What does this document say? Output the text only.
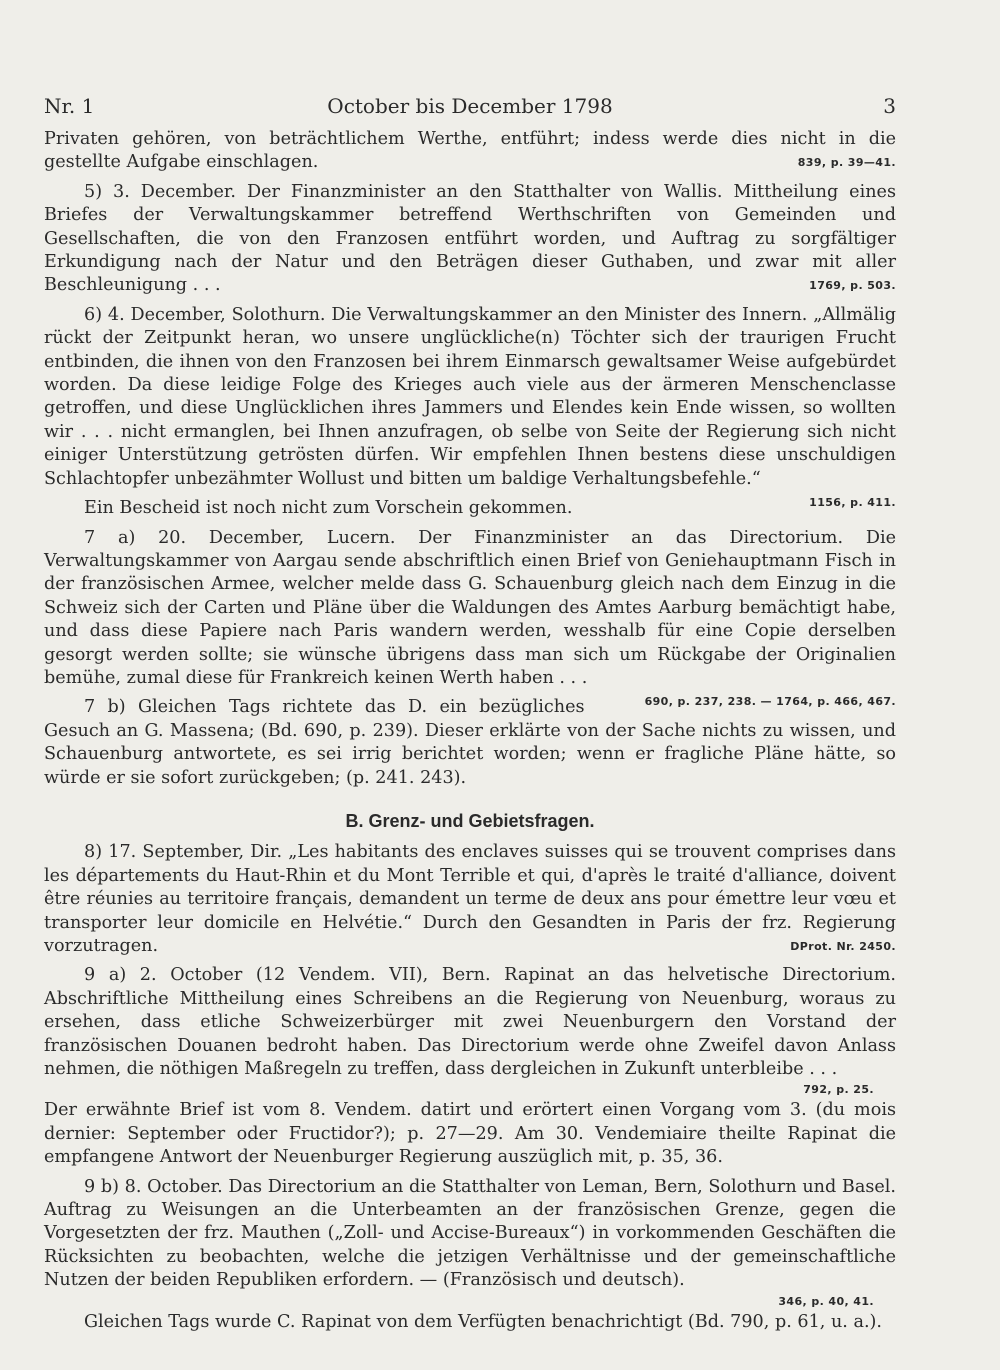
Nr. 1	October bis December 1798	3

Privaten gehören, von beträchtlichem Werthe, entführt; indess werde dies nicht in die gestellte Aufgabe einschlagen.	839, p. 39—41.

5) 3. December. Der Finanzminister an den Statthalter von Wallis. Mittheilung eines Briefes der Verwaltungskammer betreffend Werthschriften von Gemeinden und Gesellschaften, die von den Franzosen entführt worden, und Auftrag zu sorgfältiger Erkundigung nach der Natur und den Beträgen dieser Guthaben, und zwar mit aller Beschleunigung . . .	1769, p. 503.

6) 4. December, Solothurn. Die Verwaltungskammer an den Minister des Innern. „Allmälig rückt der Zeitpunkt heran, wo unsere unglückliche(n) Töchter sich der traurigen Frucht entbinden, die ihnen von den Franzosen bei ihrem Einmarsch gewaltsamer Weise aufgebürdet worden. Da diese leidige Folge des Krieges auch viele aus der ärmeren Menschenclasse getroffen, und diese Unglücklichen ihres Jammers und Elendes kein Ende wissen, so wollten wir . . . nicht ermanglen, bei Ihnen anzufragen, ob selbe von Seite der Regierung sich nicht einiger Unterstützung getrösten dürfen. Wir empfehlen Ihnen bestens diese unschuldigen Schlachtopfer unbezähmter Wollust und bitten um baldige Verhaltungsbefehle.“
1156, p. 411.

Ein Bescheid ist noch nicht zum Vorschein gekommen.

7 a) 20. December, Lucern. Der Finanzminister an das Directorium. Die Verwaltungskammer von Aargau sende abschriftlich einen Brief von Geniehauptmann Fisch in der französischen Armee, welcher melde dass G. Schauenburg gleich nach dem Einzug in die Schweiz sich der Carten und Pläne über die Waldungen des Amtes Aarburg bemächtigt habe, und dass diese Papiere nach Paris wandern werden, wesshalb für eine Copie derselben gesorgt werden sollte; sie wünsche übrigens dass man sich um Rückgabe der Originalien bemühe, zumal diese für Frankreich keinen Werth haben . . .
690, p. 237, 238. — 1764, p. 466, 467.

7 b) Gleichen Tags richtete das D. ein bezügliches Gesuch an G. Massena; (Bd. 690, p. 239). Dieser erklärte von der Sache nichts zu wissen, und Schauenburg antwortete, es sei irrig berichtet worden; wenn er fragliche Pläne hätte, so würde er sie sofort zurückgeben; (p. 241. 243).

B. Grenz- und Gebietsfragen.

8) 17. September, Dir. „Les habitants des enclaves suisses qui se trouvent comprises dans les départements du Haut-Rhin et du Mont Terrible et qui, d'après le traité d'alliance, doivent être réunies au territoire français, demandent un terme de deux ans pour émettre leur vœu et transporter leur domicile en Helvétie.“ Durch den Gesandten in Paris der frz. Regierung vorzutragen.	DProt. Nr. 2450.

9 a) 2. October (12 Vendem. VII), Bern. Rapinat an das helvetische Directorium. Abschriftliche Mittheilung eines Schreibens an die Regierung von Neuenburg, woraus zu ersehen, dass etliche Schweizerbürger mit zwei Neuenburgern den Vorstand der französischen Douanen bedroht haben. Das Directorium werde ohne Zweifel davon Anlass nehmen, die nöthigen Maßregeln zu treffen, dass dergleichen in Zukunft unterbleibe . . .

792, p. 25.

Der erwähnte Brief ist vom 8. Vendem. datirt und erörtert einen Vorgang vom 3. (du mois dernier: September oder Fructidor?); p. 27—29. Am 30. Vendemiaire theilte Rapinat die empfangene Antwort der Neuenburger Regierung auszüglich mit, p. 35, 36.

9 b) 8. October. Das Directorium an die Statthalter von Leman, Bern, Solothurn und Basel. Auftrag zu Weisungen an die Unterbeamten an der französischen Grenze, gegen die Vorgesetzten der frz. Mauthen („Zoll- und Accise-Bureaux“) in vorkommenden Geschäften die Rücksichten zu beobachten, welche die jetzigen Verhältnisse und der gemeinschaftliche Nutzen der beiden Republiken erfordern. — (Französisch und deutsch).

346, p. 40, 41.

Gleichen Tags wurde C. Rapinat von dem Verfügten benachrichtigt (Bd. 790, p. 61, u. a.).
